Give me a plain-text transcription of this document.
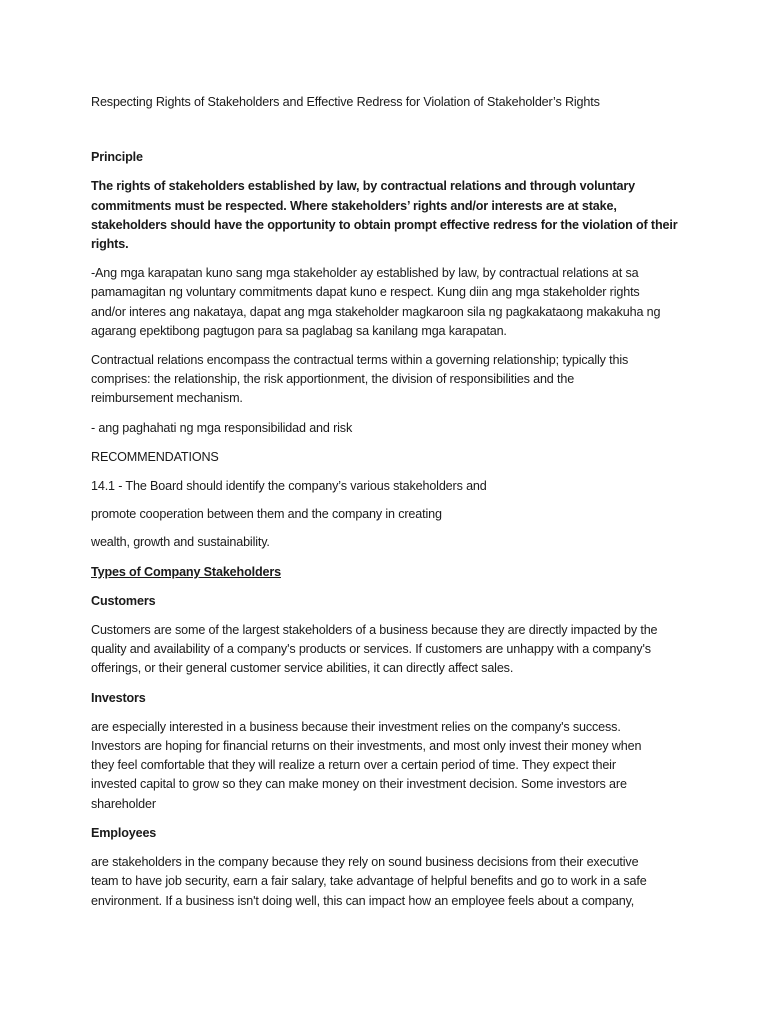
Respecting Rights of Stakeholders and Effective Redress for Violation of Stakeholder’s Rights

Principle

The rights of stakeholders established by law, by contractual relations and through voluntary
commitments must be respected. Where stakeholders’ rights and/or interests are at stake,
stakeholders should have the opportunity to obtain prompt effective redress for the violation of their
rights.

-Ang mga karapatan kuno sang mga stakeholder ay established by law, by contractual relations at sa
pamamagitan ng voluntary commitments dapat kuno e respect. Kung diin ang mga stakeholder rights
and/or interes ang nakataya, dapat ang mga stakeholder magkaroon sila ng pagkakataong makakuha ng
agarang epektibong pagtugon para sa paglabag sa kanilang mga karapatan.

Contractual relations encompass the contractual terms within a governing relationship; typically this
comprises: the relationship, the risk apportionment, the division of responsibilities and the
reimbursement mechanism.

- ang paghahati ng mga responsibilidad and risk

RECOMMENDATIONS

14.1 - The Board should identify the company’s various stakeholders and

promote cooperation between them and the company in creating

wealth, growth and sustainability.

Types of Company Stakeholders

Customers

Customers are some of the largest stakeholders of a business because they are directly impacted by the
quality and availability of a company's products or services. If customers are unhappy with a company's
offerings, or their general customer service abilities, it can directly affect sales.

Investors

are especially interested in a business because their investment relies on the company's success.
Investors are hoping for financial returns on their investments, and most only invest their money when
they feel comfortable that they will realize a return over a certain period of time. They expect their
invested capital to grow so they can make money on their investment decision. Some investors are
shareholder

Employees

are stakeholders in the company because they rely on sound business decisions from their executive
team to have job security, earn a fair salary, take advantage of helpful benefits and go to work in a safe
environment. If a business isn't doing well, this can impact how an employee feels about a company,
